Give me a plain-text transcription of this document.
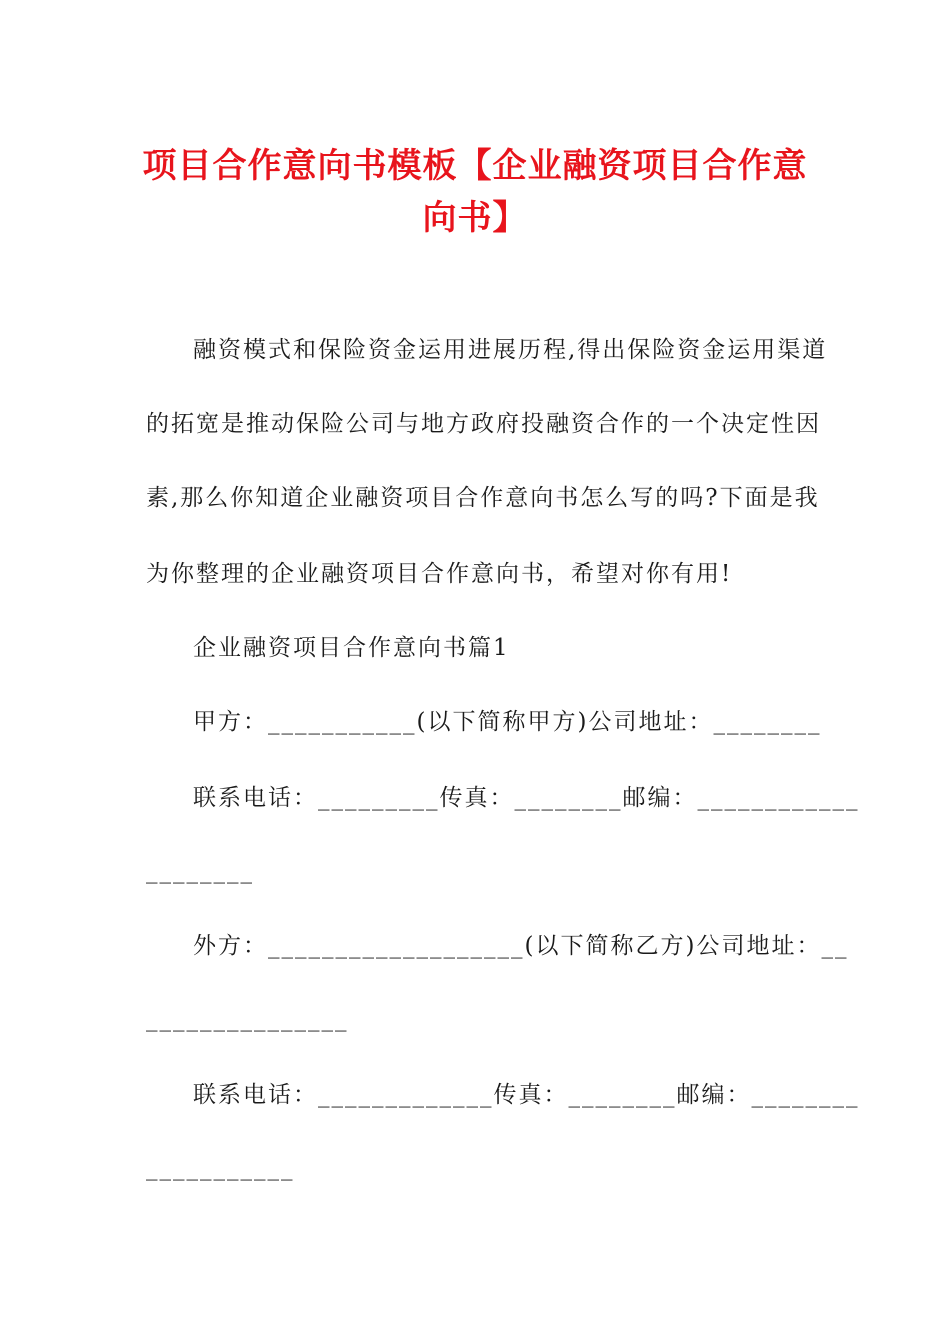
项目合作意向书模板【企业融资项目合作意
向书】

融资模式和保险资金运用进展历程,得出保险资金运用渠道

的拓宽是推动保险公司与地方政府投融资合作的一个决定性因

素,那么你知道企业融资项目合作意向书怎么写的吗?下面是我

为你整理的企业融资项目合作意向书，希望对你有用!

企业融资项目合作意向书篇1

甲方：___________(以下简称甲方)公司地址：________

联系电话：_________传真：________邮编：____________

________

外方：___________________(以下简称乙方)公司地址：__

_______________

联系电话：_____________传真：________邮编：________

___________
